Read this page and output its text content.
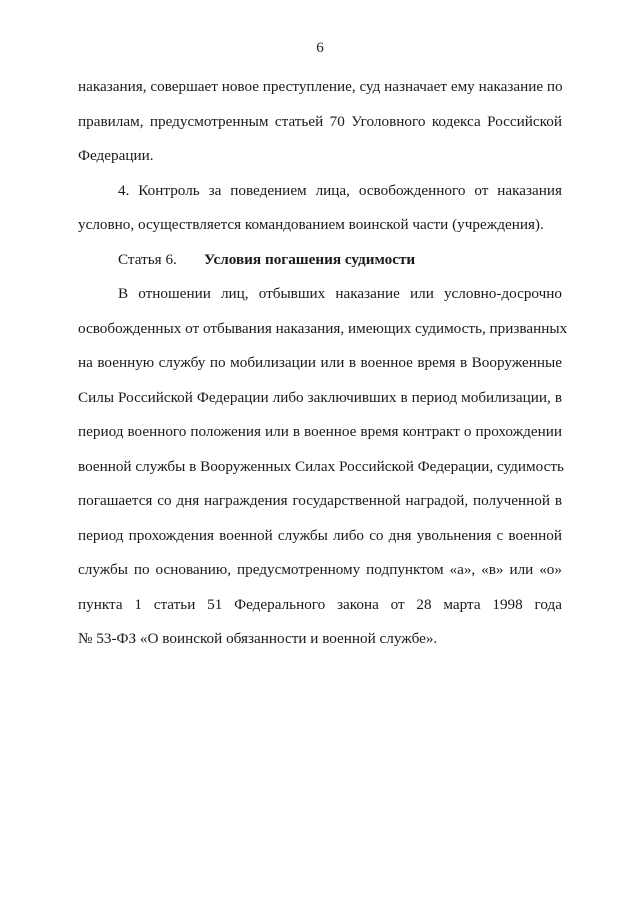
6
наказания, совершает новое преступление, суд назначает ему наказание по
правилам, предусмотренным статьей 70 Уголовного кодекса Российской
Федерации.
4. Контроль за поведением лица, освобожденного от наказания
условно, осуществляется командованием воинской части (учреждения).
Статья 6. Условия погашения судимости
В отношении лиц, отбывших наказание или условно-досрочно
освобожденных от отбывания наказания, имеющих судимость, призванных
на военную службу по мобилизации или в военное время в Вооруженные
Силы Российской Федерации либо заключивших в период мобилизации, в
период военного положения или в военное время контракт о прохождении
военной службы в Вооруженных Силах Российской Федерации, судимость
погашается со дня награждения государственной наградой, полученной в
период прохождения военной службы либо со дня увольнения с военной
службы по основанию, предусмотренному подпунктом «а», «в» или «о»
пункта 1 статьи 51 Федерального закона от 28 марта 1998 года
№ 53-ФЗ «О воинской обязанности и военной службе».
